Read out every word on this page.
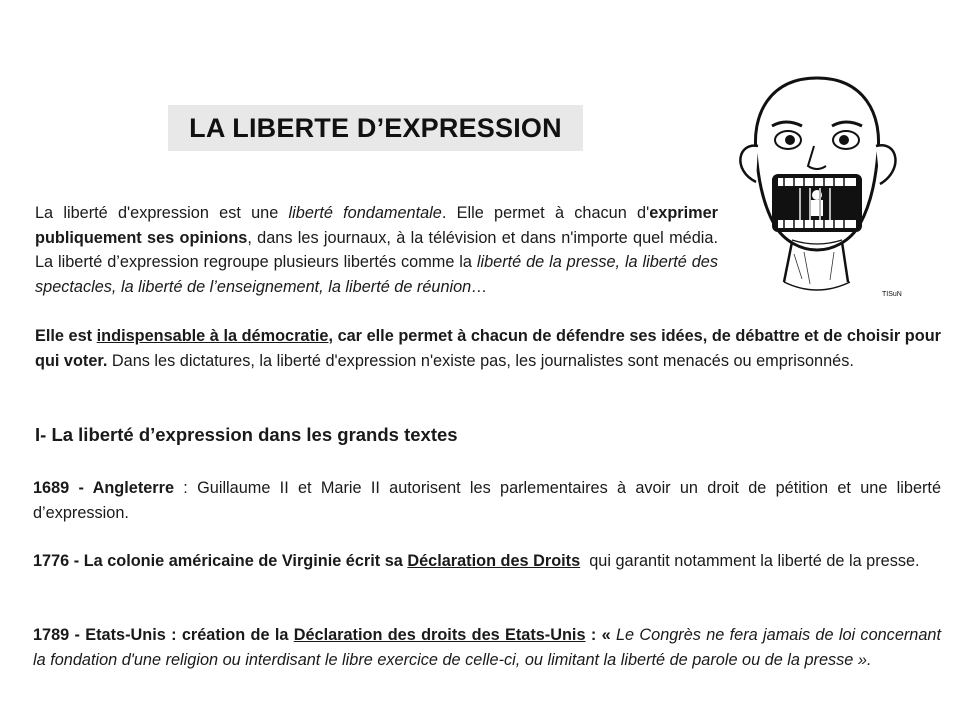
LA LIBERTE D’EXPRESSION
TISuN

La liberté d'expression est une liberté fondamentale. Elle permet à chacun d'exprimer publiquement ses opinions, dans les journaux, à la télévision et dans n'importe quel média. La liberté d’expression regroupe plusieurs libertés comme la liberté de la presse, la liberté des spectacles, la liberté de l’enseignement, la liberté de réunion…

Elle est indispensable à la démocratie, car elle permet à chacun de défendre ses idées, de débattre et de choisir pour qui voter. Dans les dictatures, la liberté d'expression n'existe pas, les journalistes sont menacés ou emprisonnés.

I- La liberté d’expression dans les grands textes

1689 - Angleterre : Guillaume II et Marie II autorisent les parlementaires à avoir un droit de pétition et une liberté d’expression.

1776 - La colonie américaine de Virginie écrit sa Déclaration des Droits  qui garantit notamment la liberté de la presse.

1789 - Etats-Unis : création de la Déclaration des droits des Etats-Unis : « Le Congrès ne fera jamais de loi concernant la fondation d'une religion ou interdisant le libre exercice de celle-ci, ou limitant la liberté de parole ou de la presse ».
